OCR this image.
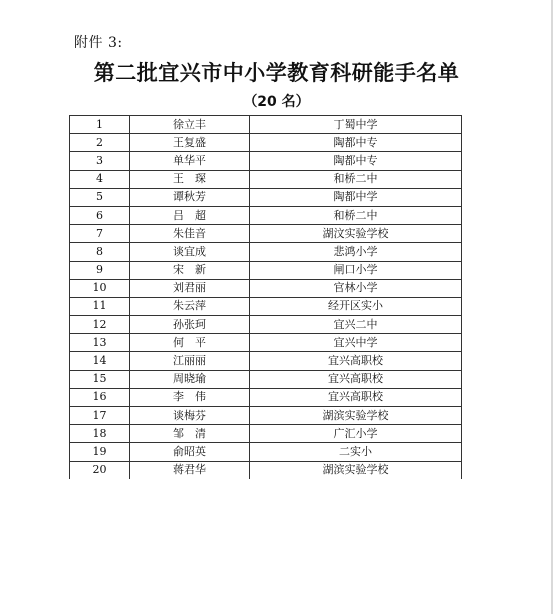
附件 3:
第二批宜兴市中小学教育科研能手名单
（20 名）
1	徐立丰	丁蜀中学
2	王复盛	陶都中专
3	单华平	陶都中专
4	王　琛	和桥二中
5	谭秋芳	陶都中学
6	吕　超	和桥二中
7	朱佳音	湖汶实验学校
8	谈宜成	悲鸿小学
9	宋　新	闸口小学
10	刘君丽	官林小学
11	朱云萍	经开区实小
12	孙张珂	宜兴二中
13	何　平	宜兴中学
14	江丽丽	宜兴高职校
15	周晓瑜	宜兴高职校
16	李　伟	宜兴高职校
17	谈梅芬	湖滨实验学校
18	邹　清	广汇小学
19	俞昭英	二实小
20	蒋君华	湖滨实验学校
